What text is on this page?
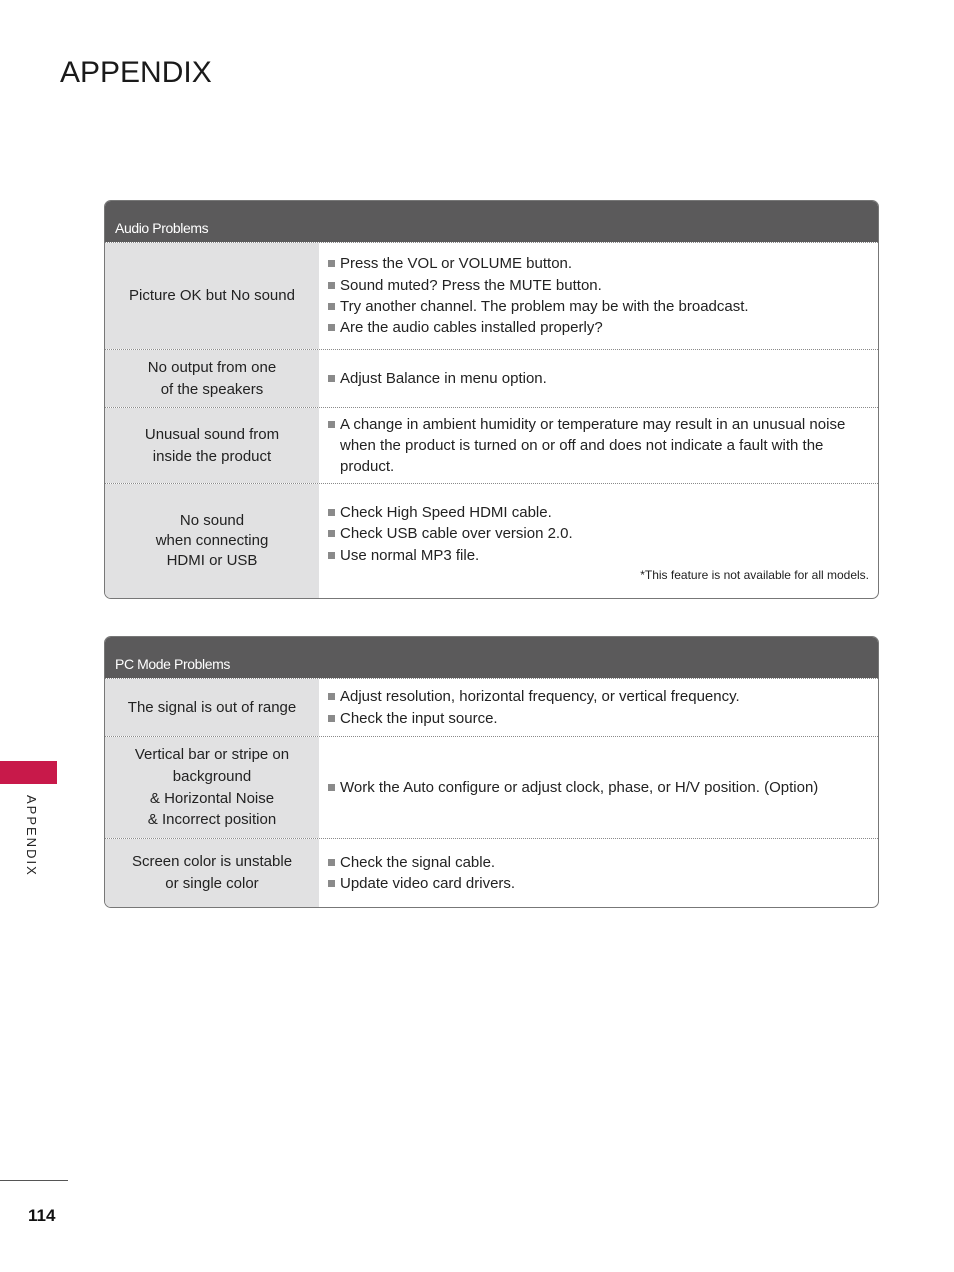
APPENDIX
Audio Problems
Picture OK but No sound
Press the VOL or VOLUME button.
Sound muted? Press the MUTE button.
Try another channel. The problem may be with the broadcast.
Are the audio cables installed properly?
No output from one
of the speakers
Adjust Balance in menu option.
Unusual sound from
inside the product
A change in ambient humidity or temperature may result in an unusual noise when the product is turned on or off and does not indicate a fault with the product.
No sound
when connecting
HDMI or USB
Check High Speed HDMI cable.
Check USB cable over version 2.0.
Use normal MP3 file.
*This feature is not available for all models.
PC Mode Problems
The signal is out of range
Adjust resolution, horizontal frequency, or vertical frequency.
Check the input source.
Vertical bar or stripe on background
& Horizontal Noise
& Incorrect position
Work the Auto configure or adjust clock, phase, or H/V position. (Option)
Screen color is unstable
or single color
Check the signal cable.
Update video card drivers.
APPENDIX
114
